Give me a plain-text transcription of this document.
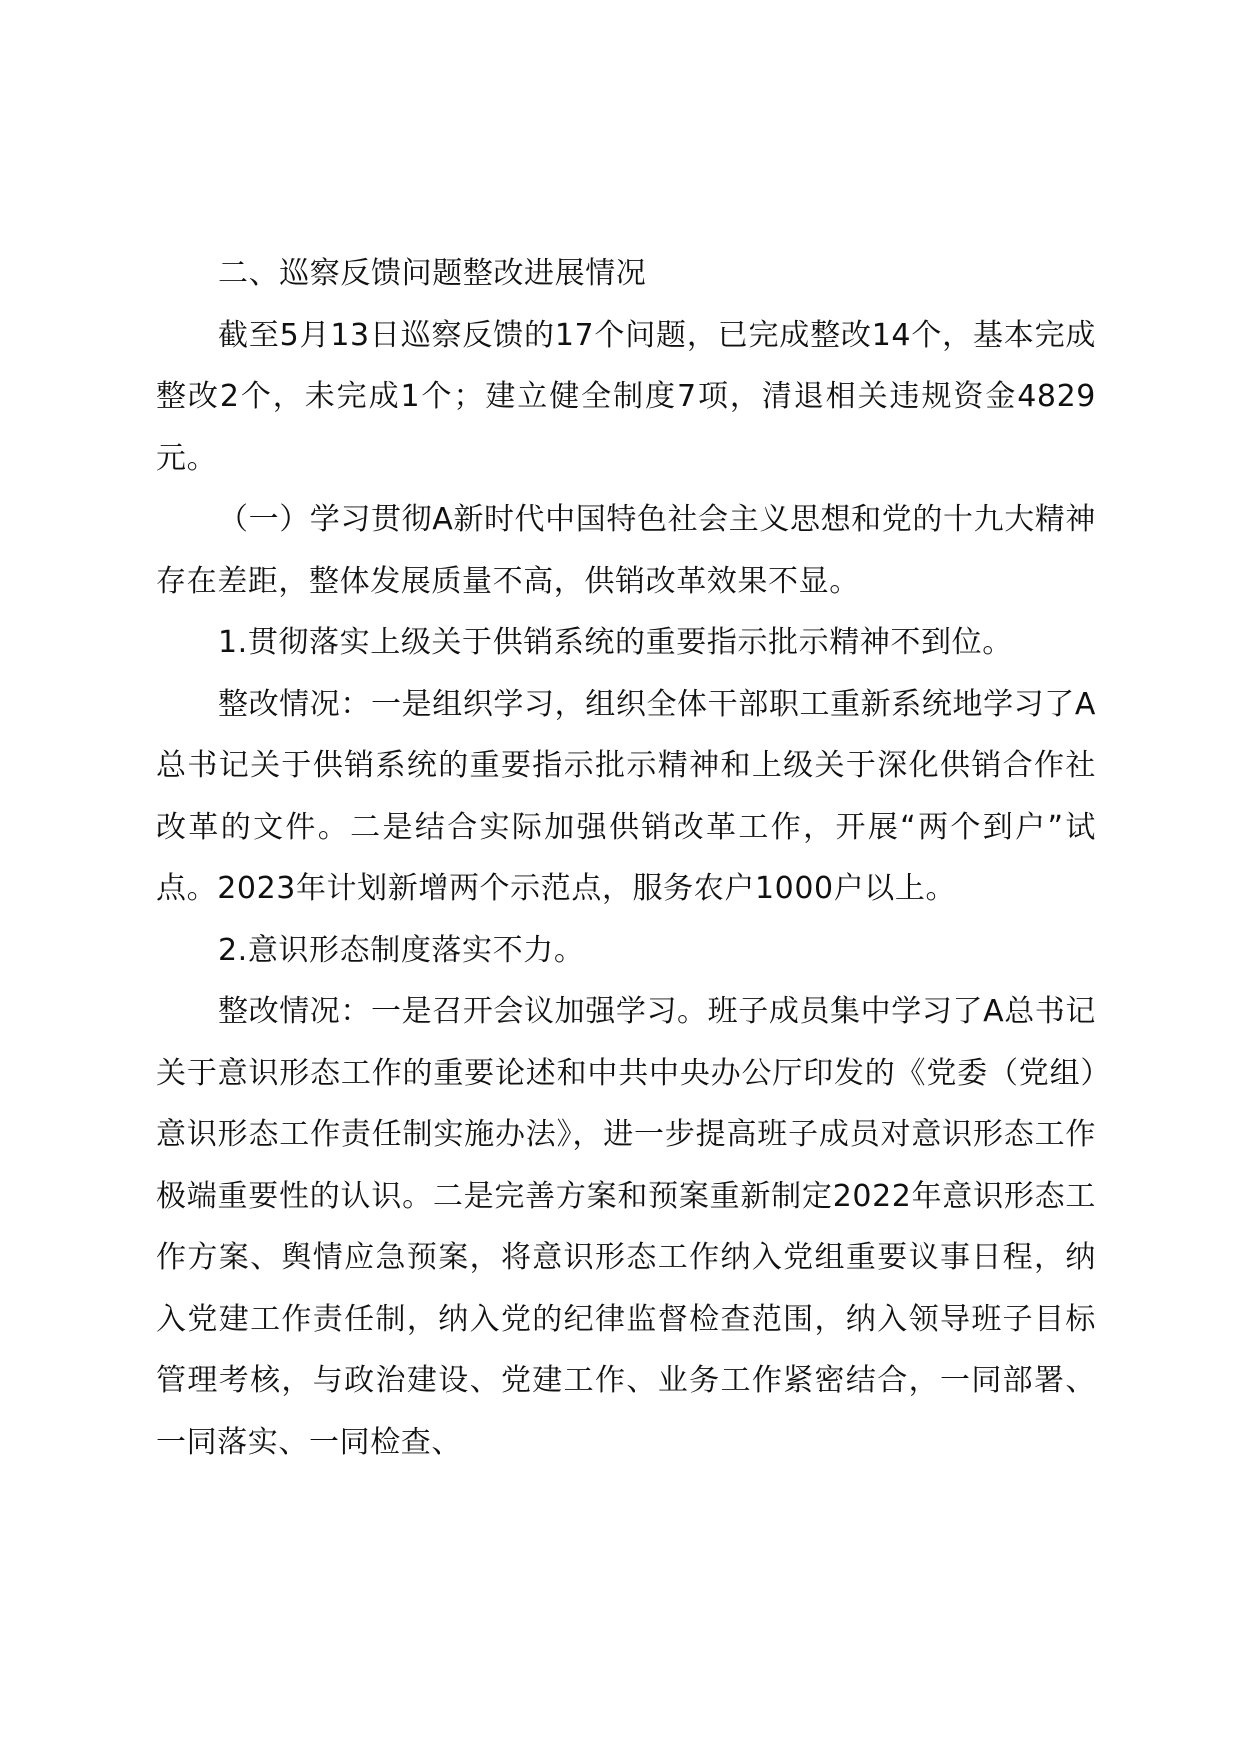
二、巡察反馈问题整改进展情况

截至5月13日巡察反馈的17个问题，已完成整改14个，基本完成整改2个，未完成1个；建立健全制度7项，清退相关违规资金4829元。

（一）学习贯彻A新时代中国特色社会主义思想和党的十九大精神存在差距，整体发展质量不高，供销改革效果不显。

1.贯彻落实上级关于供销系统的重要指示批示精神不到位。

整改情况：一是组织学习，组织全体干部职工重新系统地学习了A总书记关于供销系统的重要指示批示精神和上级关于深化供销合作社改革的文件。二是结合实际加强供销改革工作，开展“两个到户”试点。2023年计划新增两个示范点，服务农户1000户以上。

2.意识形态制度落实不力。

整改情况：一是召开会议加强学习。班子成员集中学习了A总书记关于意识形态工作的重要论述和中共中央办公厅印发的《党委（党组）意识形态工作责任制实施办法》，进一步提高班子成员对意识形态工作极端重要性的认识。二是完善方案和预案重新制定2022年意识形态工作方案、舆情应急预案，将意识形态工作纳入党组重要议事日程，纳入党建工作责任制，纳入党的纪律监督检查范围，纳入领导班子目标管理考核，与政治建设、党建工作、业务工作紧密结合，一同部署、一同落实、一同检查、
